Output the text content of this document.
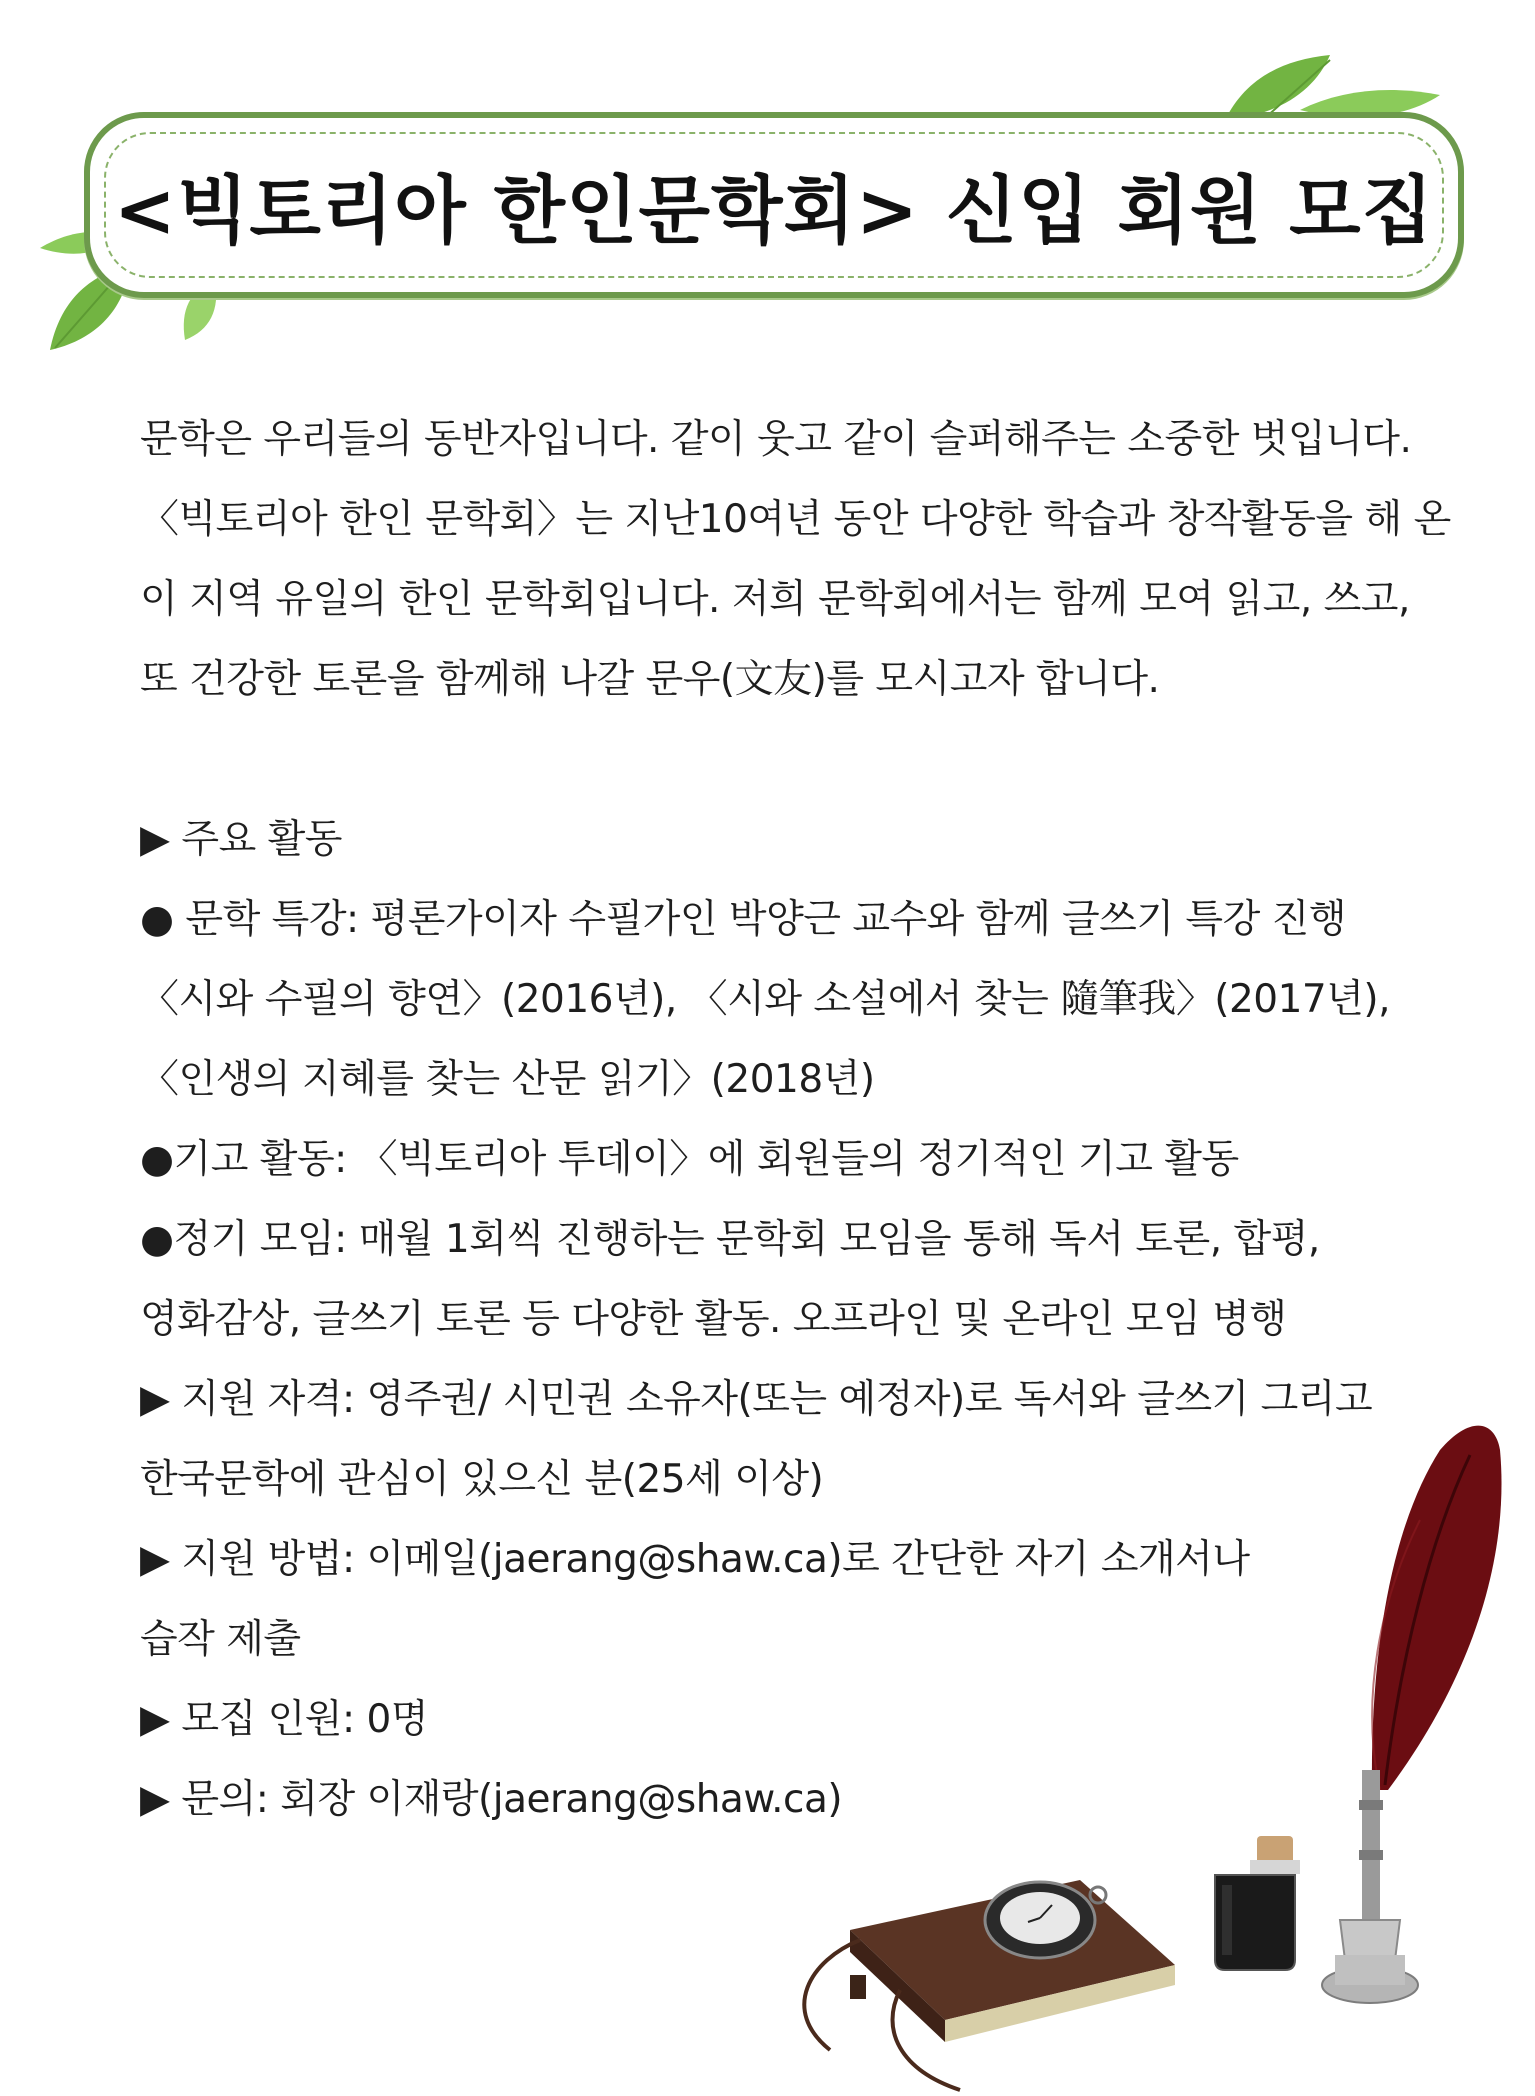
<빅토리아 한인문학회> 신입 회원 모집
문학은 우리들의 동반자입니다. 같이 웃고 같이 슬퍼해주는 소중한 벗입니다.
〈빅토리아 한인 문학회〉는 지난10여년 동안 다양한 학습과 창작활동을 해 온
이 지역 유일의 한인 문학회입니다. 저희 문학회에서는 함께 모여 읽고, 쓰고,
또 건강한 토론을 함께해 나갈 문우(文友)를 모시고자 합니다.
▶ 주요 활동
● 문학 특강: 평론가이자 수필가인 박양근 교수와 함께 글쓰기 특강 진행
〈시와 수필의 향연〉(2016년), 〈시와 소설에서 찾는 隨筆我〉(2017년),
〈인생의 지혜를 찾는 산문 읽기〉(2018년)
●기고 활동: 〈빅토리아 투데이〉에 회원들의 정기적인 기고 활동
●정기 모임: 매월 1회씩 진행하는 문학회 모임을 통해 독서 토론, 합평,
영화감상, 글쓰기 토론 등 다양한 활동. 오프라인 및 온라인 모임 병행
▶ 지원 자격: 영주권/ 시민권 소유자(또는 예정자)로 독서와 글쓰기 그리고
한국문학에 관심이 있으신 분(25세 이상)
▶ 지원 방법: 이메일(jaerang@shaw.ca)로 간단한 자기 소개서나
습작 제출
▶ 모집 인원: 0명
▶ 문의: 회장 이재랑(jaerang@shaw.ca)
